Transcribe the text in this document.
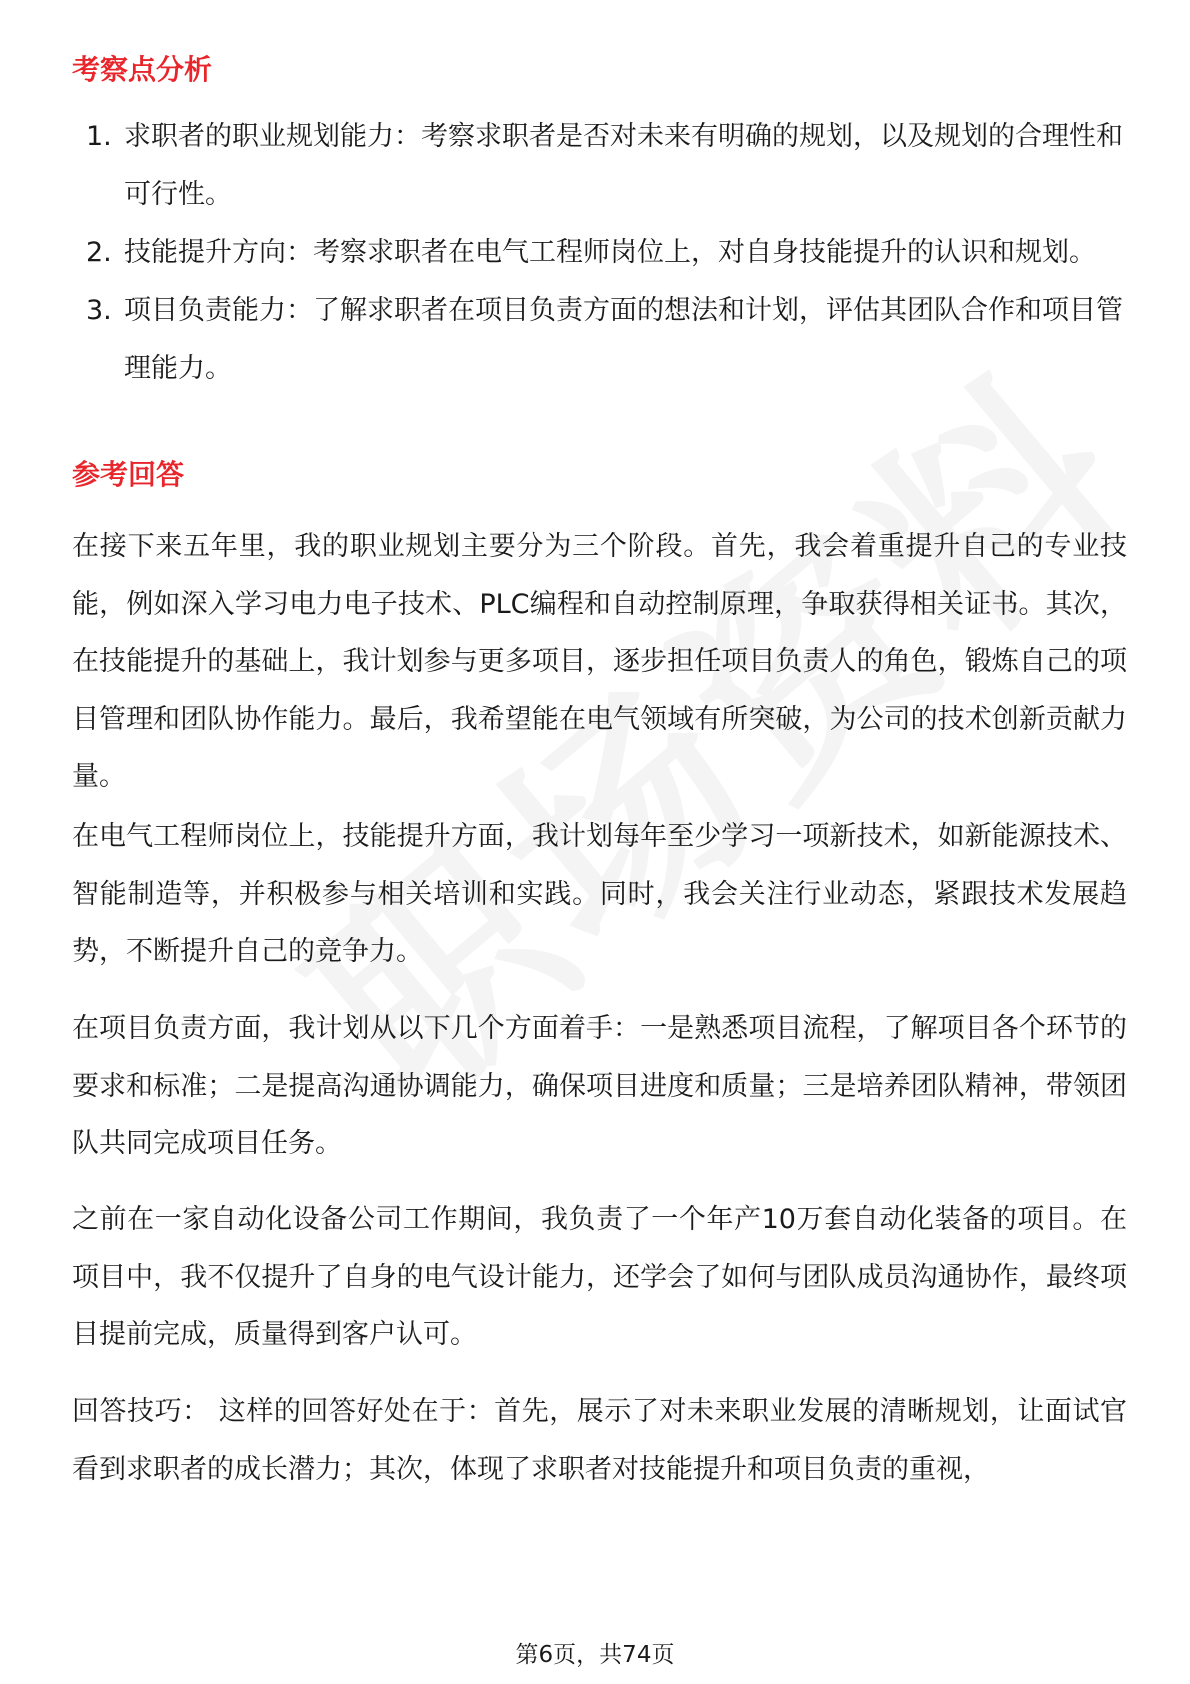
考察点分析
1. 求职者的职业规划能力：考察求职者是否对未来有明确的规划，以及规划的合理性和可行性。
2. 技能提升方向：考察求职者在电气工程师岗位上，对自身技能提升的认识和规划。
3. 项目负责能力：了解求职者在项目负责方面的想法和计划，评估其团队合作和项目管理能力。
参考回答

在接下来五年里，我的职业规划主要分为三个阶段。首先，我会着重提升自己的专业技能，例如深入学习电力电子技术、PLC编程和自动控制原理，争取获得相关证书。其次，在技能提升的基础上，我计划参与更多项目，逐步担任项目负责人的角色，锻炼自己的项目管理和团队协作能力。最后，我希望能在电气领域有所突破，为公司的技术创新贡献力量。

在电气工程师岗位上，技能提升方面，我计划每年至少学习一项新技术，如新能源技术、智能制造等，并积极参与相关培训和实践。同时，我会关注行业动态，紧跟技术发展趋势，不断提升自己的竞争力。

在项目负责方面，我计划从以下几个方面着手：一是熟悉项目流程，了解项目各个环节的要求和标准；二是提高沟通协调能力，确保项目进度和质量；三是培养团队精神，带领团队共同完成项目任务。

之前在一家自动化设备公司工作期间，我负责了一个年产10万套自动化装备的项目。在项目中，我不仅提升了自身的电气设计能力，还学会了如何与团队成员沟通协作，最终项目提前完成，质量得到客户认可。

回答技巧： 这样的回答好处在于：首先，展示了对未来职业发展的清晰规划，让面试官看到求职者的成长潜力；其次，体现了求职者对技能提升和项目负责的重视，

第6页，共74页
